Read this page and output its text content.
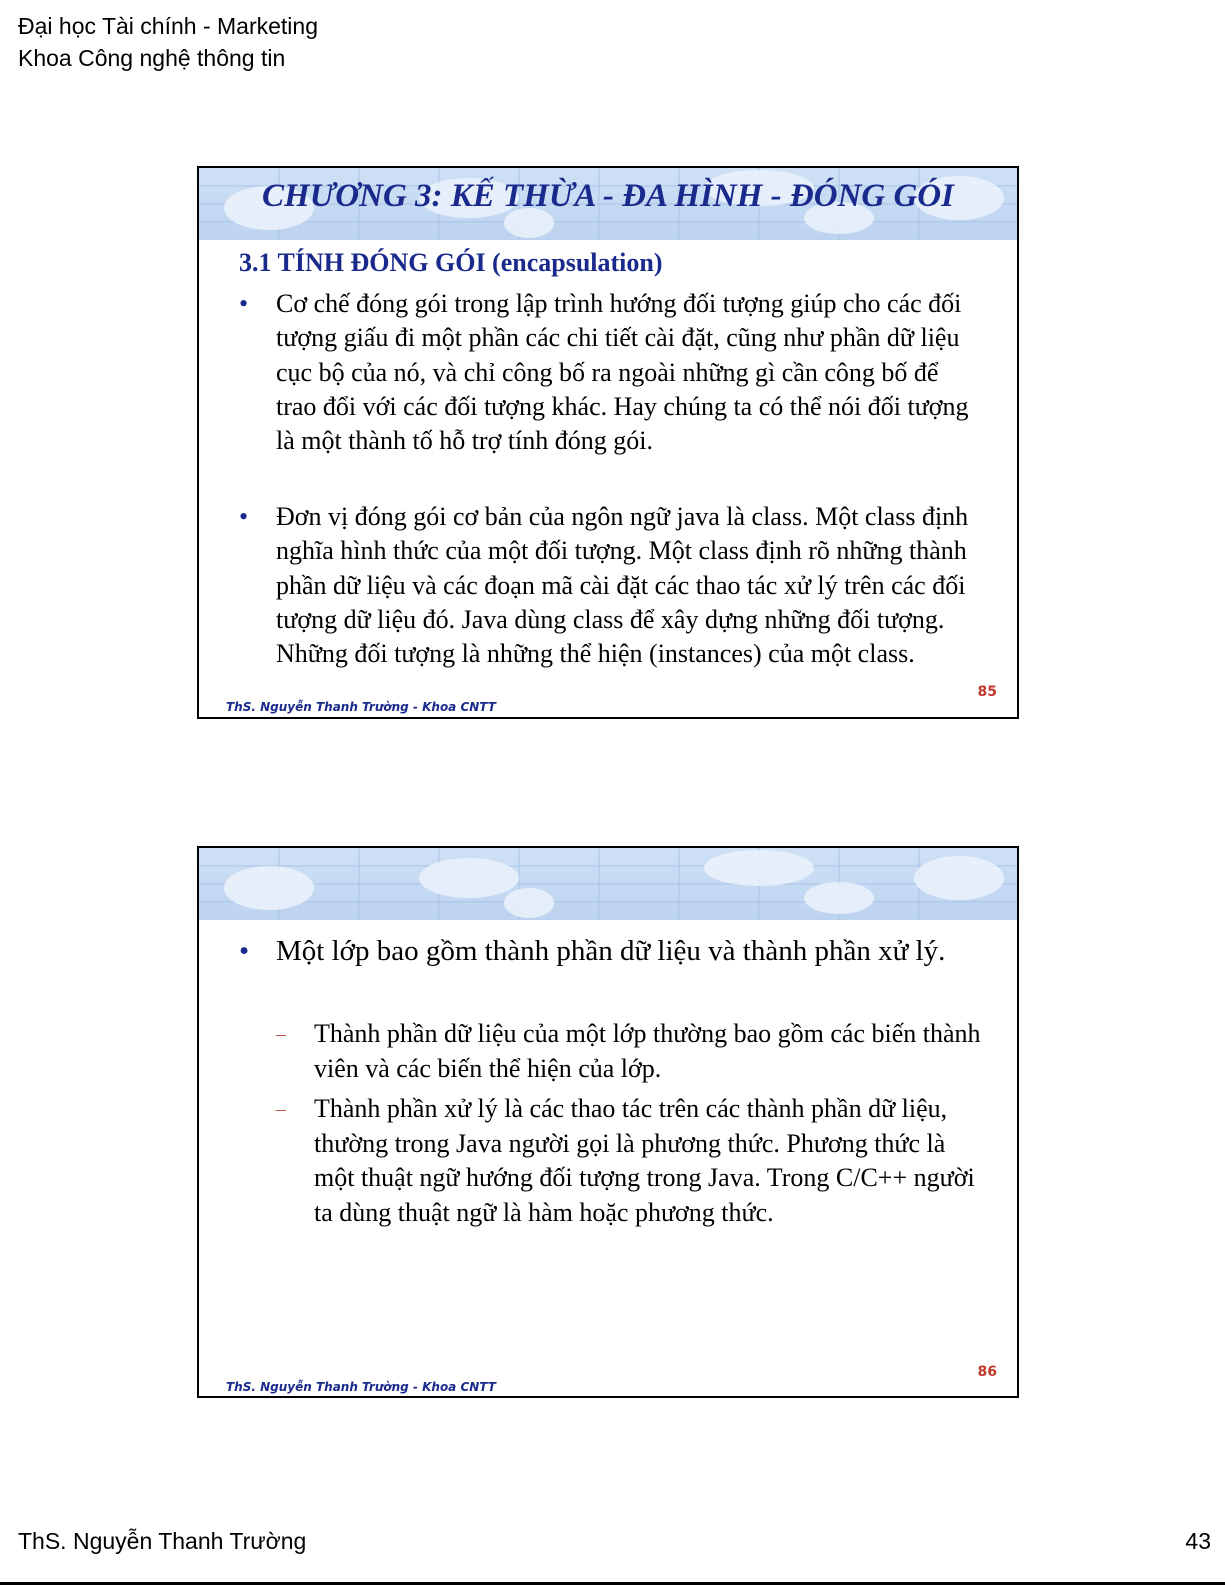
Đại học Tài chính - Marketing
Khoa Công nghệ thông tin
CHƯƠNG 3: KẾ THỪA - ĐA HÌNH - ĐÓNG GÓI
3.1 TÍNH ĐÓNG GÓI (encapsulation)
•	Cơ chế đóng gói trong lập trình hướng đối tượng giúp cho các đối tượng giấu đi một phần các chi tiết cài đặt, cũng như phần dữ liệu cục bộ của nó, và chỉ công bố ra ngoài những gì cần công bố để trao đổi với các đối tượng khác. Hay chúng ta có thể nói đối tượng là một thành tố hỗ trợ tính đóng gói.
•	Đơn vị đóng gói cơ bản của ngôn ngữ java là class. Một class định nghĩa hình thức của một đối tượng. Một class định rõ những thành phần dữ liệu và các đoạn mã cài đặt các thao tác xử lý trên các đối tượng dữ liệu đó. Java dùng class để xây dựng những đối tượng. Những đối tượng là những thể hiện (instances) của một class.
ThS. Nguyễn Thanh Trường - Khoa CNTT
85
• Một lớp bao gồm thành phần dữ liệu và thành phần xử lý.
– Thành phần dữ liệu của một lớp thường bao gồm các biến thành viên và các biến thể hiện của lớp.
– Thành phần xử lý là các thao tác trên các thành phần dữ liệu, thường trong Java người gọi là phương thức. Phương thức là một thuật ngữ hướng đối tượng trong Java. Trong C/C++ người ta dùng thuật ngữ là hàm hoặc phương thức.
ThS. Nguyễn Thanh Trường - Khoa CNTT
86
ThS. Nguyễn Thanh Trường	43
